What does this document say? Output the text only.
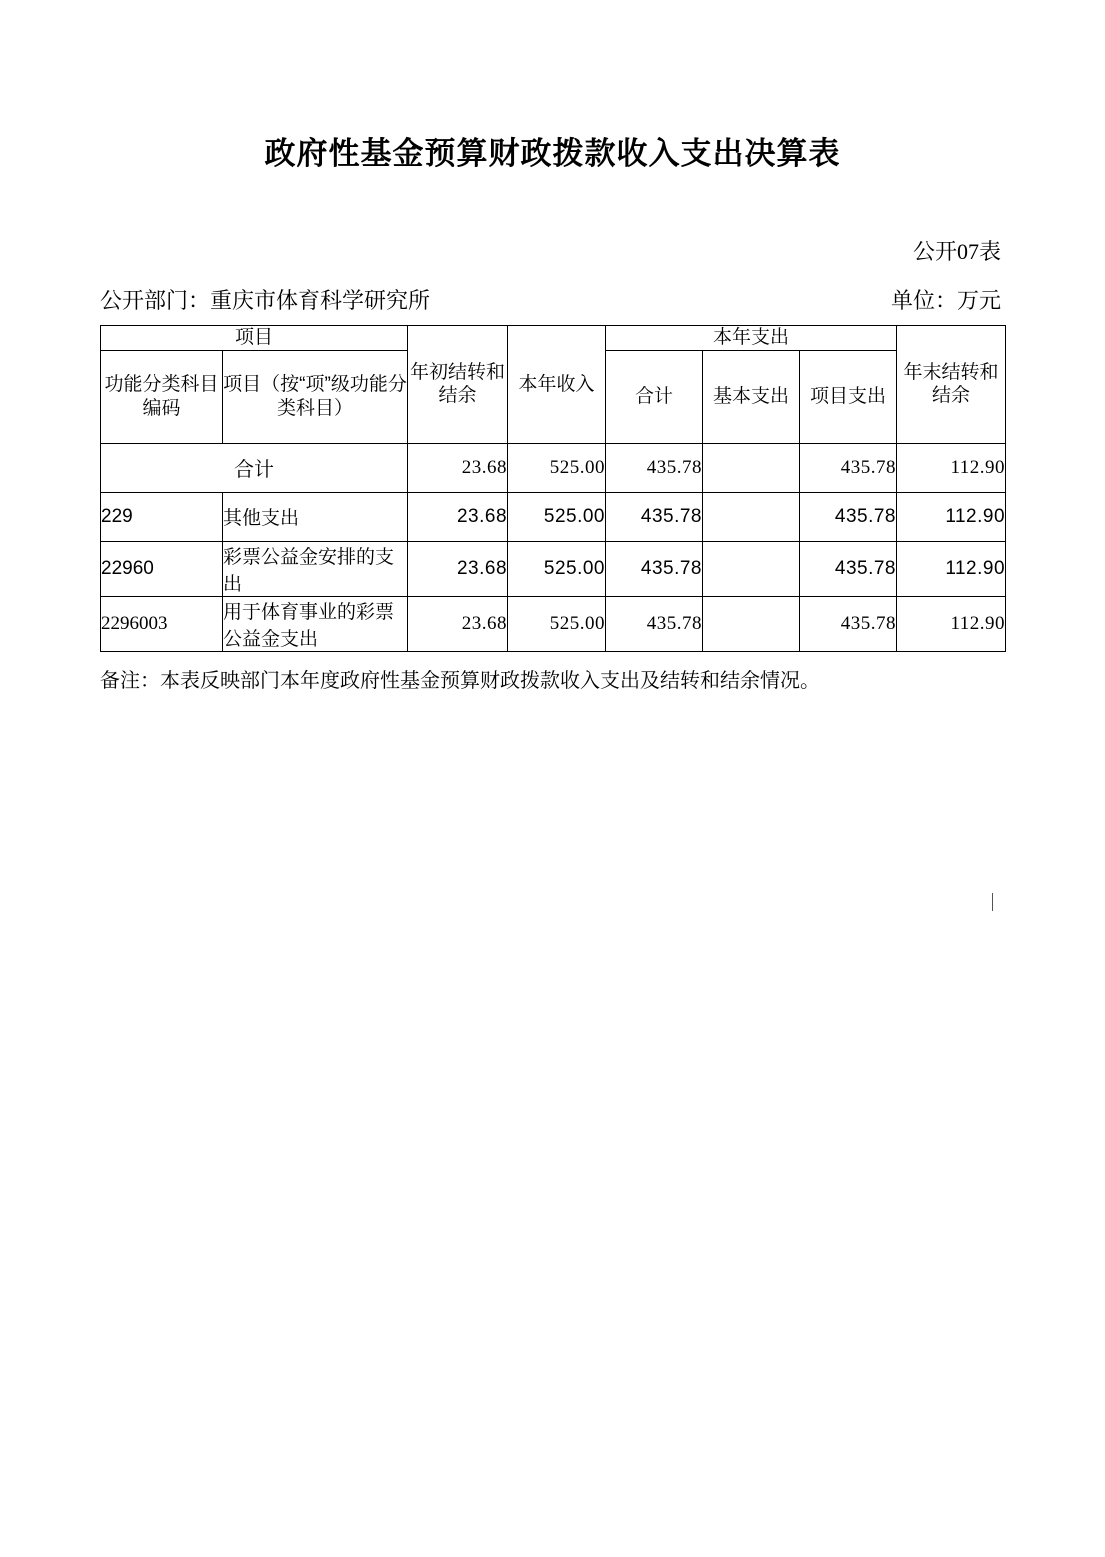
政府性基金预算财政拨款收入支出决算表
公开07表
公开部门：重庆市体育科学研究所	单位：万元
项目		年初结转和结余	本年收入	本年支出			年末结转和结余
功能分类科目编码	项目（按“项”级功能分类科目）			合计	基本支出	项目支出	
合计		23.68	525.00	435.78		435.78	112.90
229	其他支出	23.68	525.00	435.78		435.78	112.90
22960	彩票公益金安排的支出	23.68	525.00	435.78		435.78	112.90
2296003	用于体育事业的彩票公益金支出	23.68	525.00	435.78		435.78	112.90
备注：本表反映部门本年度政府性基金预算财政拨款收入支出及结转和结余情况。
